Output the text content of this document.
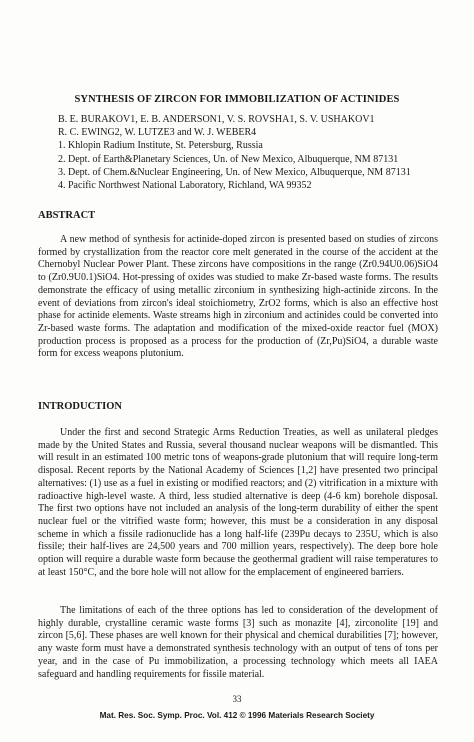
SYNTHESIS OF ZIRCON FOR IMMOBILIZATION OF ACTINIDES
B. E. BURAKOV1, E. B. ANDERSON1, V. S. ROVSHA1, S. V. USHAKOV1
R. C. EWING2, W. LUTZE3 and W. J. WEBER4
1. Khlopin Radium Institute, St. Petersburg, Russia
2. Dept. of Earth&Planetary Sciences, Un. of New Mexico, Albuquerque, NM 87131
3. Dept. of Chem.&Nuclear Engineering, Un. of New Mexico, Albuquerque, NM 87131
4. Pacific Northwest National Laboratory, Richland, WA 99352
ABSTRACT
A new method of synthesis for actinide-doped zircon is presented based on studies of zircons formed by crystallization from the reactor core melt generated in the course of the accident at the Chernobyl Nuclear Power Plant. These zircons have compositions in the range (Zr0.94U0.06)SiO4 to (Zr0.9U0.1)SiO4. Hot-pressing of oxides was studied to make Zr-based waste forms. The results demonstrate the efficacy of using metallic zirconium in synthesizing high-actinide zircons. In the event of deviations from zircon's ideal stoichiometry, ZrO2 forms, which is also an effective host phase for actinide elements. Waste streams high in zirconium and actinides could be converted into Zr-based waste forms. The adaptation and modification of the mixed-oxide reactor fuel (MOX) production process is proposed as a process for the production of (Zr,Pu)SiO4, a durable waste form for excess weapons plutonium.
INTRODUCTION
Under the first and second Strategic Arms Reduction Treaties, as well as unilateral pledges made by the United States and Russia, several thousand nuclear weapons will be dismantled. This will result in an estimated 100 metric tons of weapons-grade plutonium that will require long-term disposal. Recent reports by the National Academy of Sciences [1,2] have presented two principal alternatives: (1) use as a fuel in existing or modified reactors; and (2) vitrification in a mixture with radioactive high-level waste. A third, less studied alternative is deep (4-6 km) borehole disposal. The first two options have not included an analysis of the long-term durability of either the spent nuclear fuel or the vitrified waste form; however, this must be a consideration in any disposal scheme in which a fissile radionuclide has a long half-life (239Pu decays to 235U, which is also fissile; their half-lives are 24,500 years and 700 million years, respectively). The deep bore hole option will require a durable waste form because the geothermal gradient will raise temperatures to at least 150°C, and the bore hole will not allow for the emplacement of engineered barriers.
The limitations of each of the three options has led to consideration of the development of highly durable, crystalline ceramic waste forms [3] such as monazite [4], zirconolite [19] and zircon [5,6]. These phases are well known for their physical and chemical durabilities [7]; however, any waste form must have a demonstrated synthesis technology with an output of tens of tons per year, and in the case of Pu immobilization, a processing technology which meets all IAEA safeguard and handling requirements for fissile material.
33
Mat. Res. Soc. Symp. Proc. Vol. 412 © 1996 Materials Research Society
